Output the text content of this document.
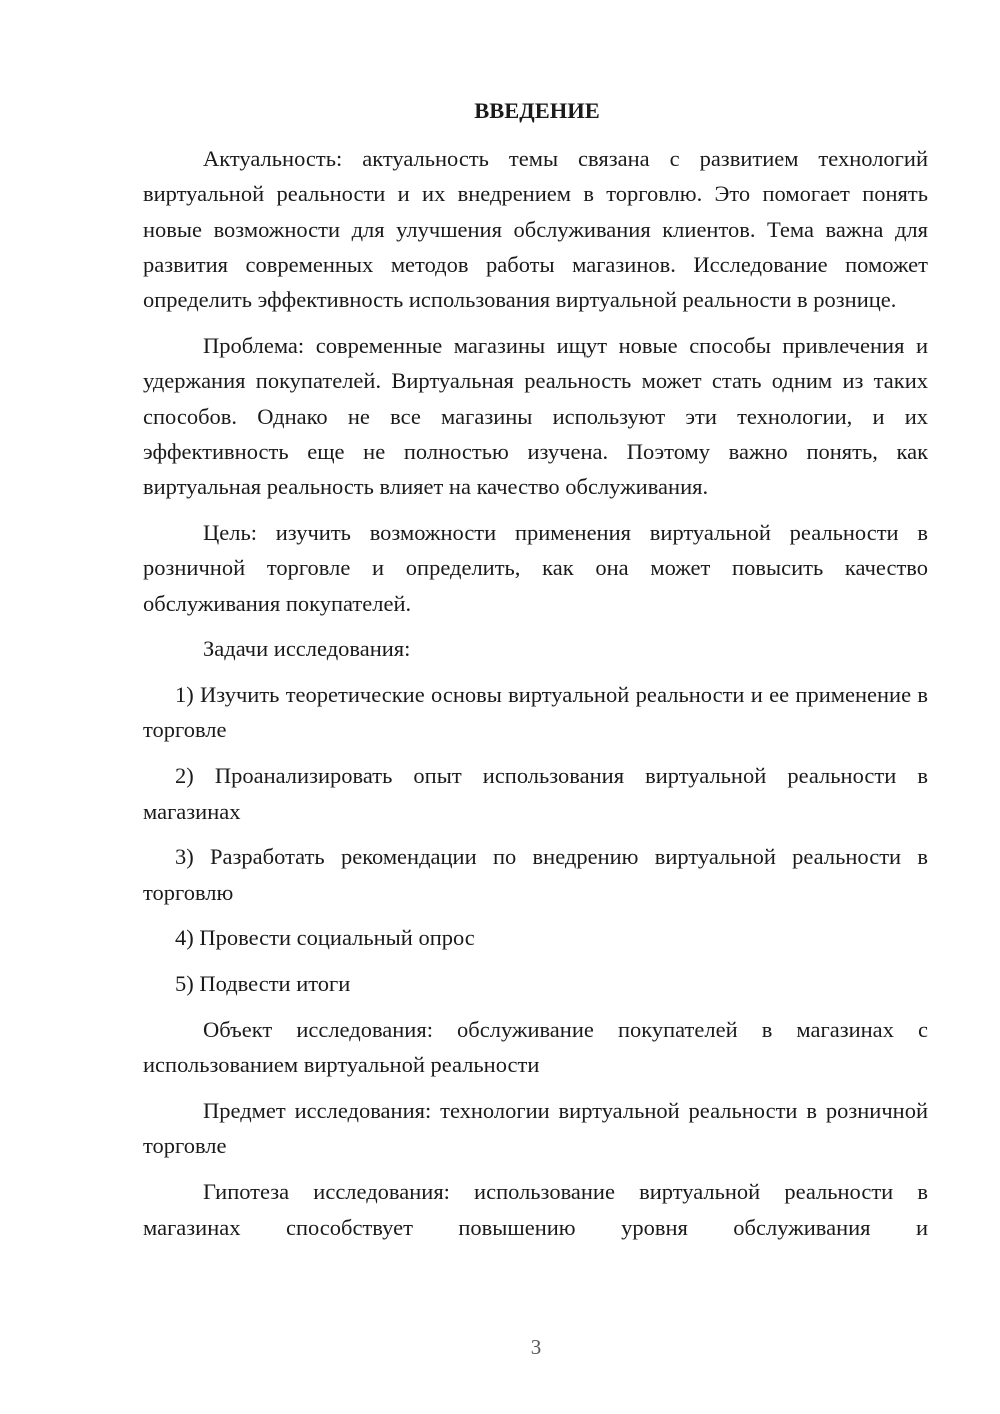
ВВЕДЕНИЕ

Актуальность: актуальность темы связана с развитием технологий виртуальной реальности и их внедрением в торговлю. Это помогает понять новые возможности для улучшения обслуживания клиентов. Тема важна для развития современных методов работы магазинов. Исследование поможет определить эффективность использования виртуальной реальности в рознице.

Проблема: современные магазины ищут новые способы привлечения и удержания покупателей. Виртуальная реальность может стать одним из таких способов. Однако не все магазины используют эти технологии, и их эффективность еще не полностью изучена. Поэтому важно понять, как виртуальная реальность влияет на качество обслуживания.

Цель: изучить возможности применения виртуальной реальности в розничной торговле и определить, как она может повысить качество обслуживания покупателей.

Задачи исследования:

1) Изучить теоретические основы виртуальной реальности и ее применение в торговле

2) Проанализировать опыт использования виртуальной реальности в магазинах

3) Разработать рекомендации по внедрению виртуальной реальности в торговлю

4) Провести социальный опрос

5) Подвести итоги

Объект исследования: обслуживание покупателей в магазинах с использованием виртуальной реальности

Предмет исследования: технологии виртуальной реальности в розничной торговле

Гипотеза исследования: использование виртуальной реальности в магазинах способствует повышению уровня обслуживания и

3
